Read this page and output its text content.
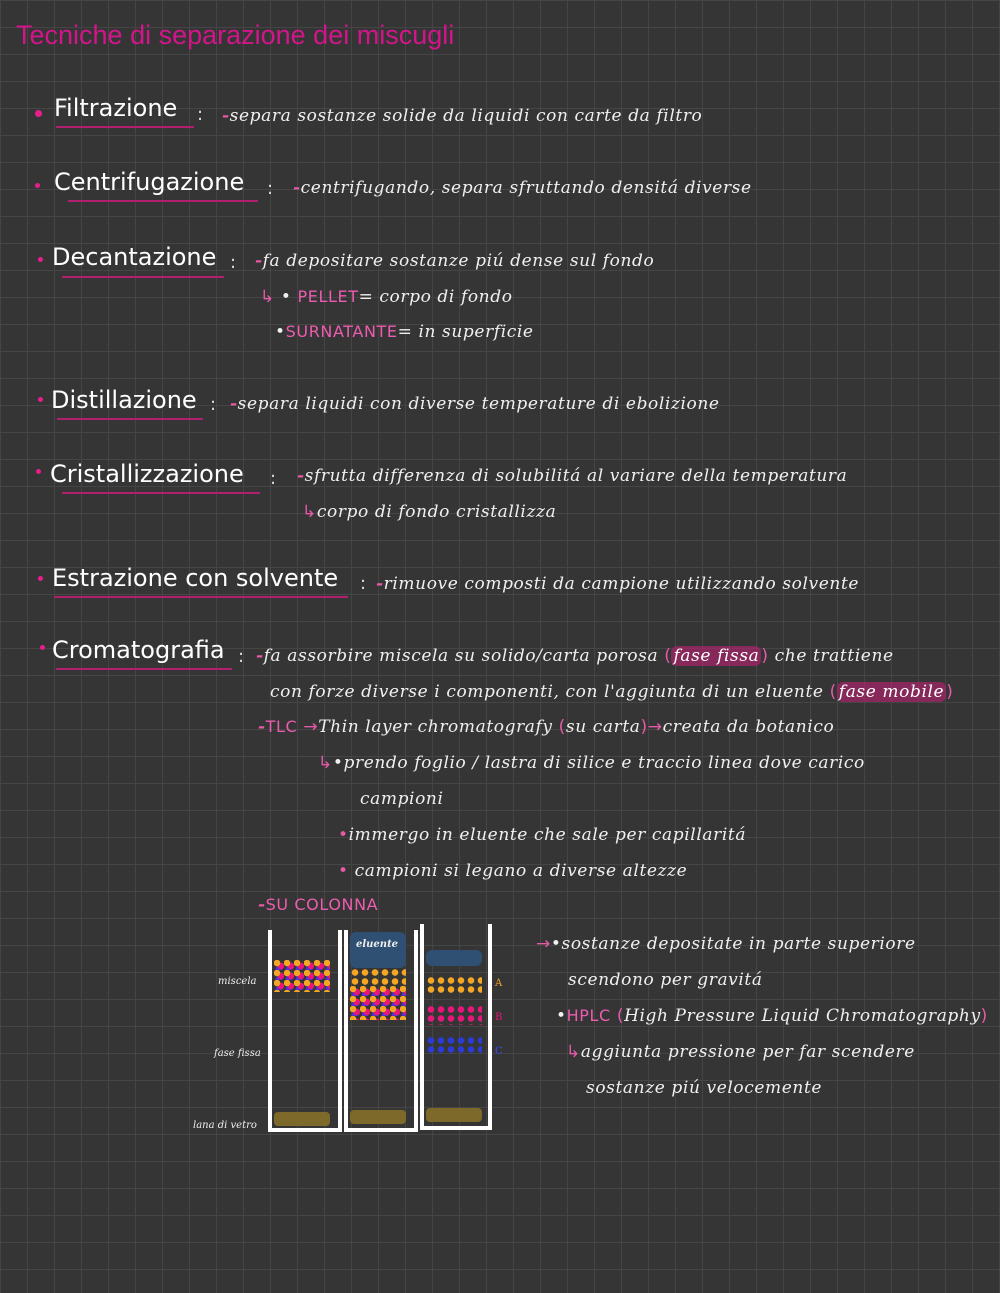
Tecniche di separazione dei miscugli
Filtrazione : -separa sostanze solide da liquidi con carte da filtro
Centrifugazione : -centrifugando, separa sfruttando densitá diverse
Decantazione : -fa depositare sostanze piú dense sul fondo
↳ • PELLET= corpo di fondo
•SURNATANTE= in superficie
Distillazione : -separa liquidi con diverse temperature di ebolizione
Cristallizzazione : -sfrutta differenza di solubilitá al variare della temperatura
↳corpo di fondo cristallizza
Estrazione con solvente : -rimuove composti da campione utilizzando solvente
Cromatografia : -fa assorbire miscela su solido/carta porosa ( fase fissa ) che trattiene
con forze diverse i componenti, con l'aggiunta di un eluente ( fase mobile )
-TLC →Thin layer chromatografy (su carta)→creata da botanico
↳•prendo foglio / lastra di silice e traccio linea dove carico
campioni
•immergo in eluente che sale per capillaritá
• campioni si legano a diverse altezze
-SU COLONNA
miscela
fase fissa
lana di vetro
eluente
A
B
C
→•sostanze depositate in parte superiore
scendono per gravitá
•HPLC (High Pressure Liquid Chromatography)
↳aggiunta pressione per far scendere
sostanze piú velocemente
